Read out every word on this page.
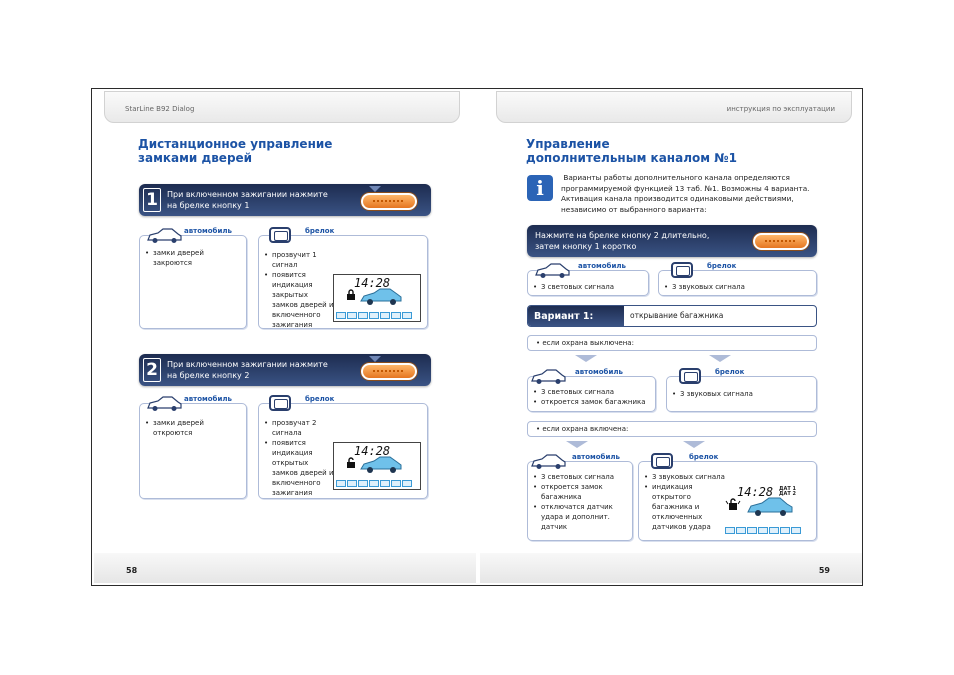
StarLine B92 Dialog
Дистанционное управление
замками дверей
1	При включенном зажигании нажмите
на брелке кнопку 1
автомобиль
• замки дверей закроются
брелок
• прозвучит 1 сигнал
• появится индикация закрытых замков дверей и включенного зажигания
14:28
2	При включенном зажигании нажмите
на брелке кнопку 2
автомобиль
• замки дверей откроются
брелок
• прозвучат 2 сигнала
• появится индикация открытых замков дверей и включенного зажигания
14:28
58
инструкция по эксплуатации
Управление
дополнительным каналом №1
i	Варианты работы дополнительного канала определяются
программируемой функцией 13 таб. №1. Возможны 4 варианта.
Активация канала производится одинаковыми действиями,
независимо от выбранного варианта:
Нажмите на брелке кнопку 2 длительно,
затем кнопку 1 коротко
автомобиль
• 3 световых сигнала
брелок
• 3 звуковых сигнала
Вариант 1:	открывание багажника
• если охрана выключена:
автомобиль
• 3 световых сигнала
• откроется замок багажника
брелок
• 3 звуковых сигнала
• если охрана включена:
автомобиль
• 3 световых сигнала
• откроется замок багажника
• отключатся датчик удара и дополнит. датчик
брелок
• 3 звуковых сигнала
• индикация открытого багажника и отключенных датчиков удара
14:28 ДАТ 1
ДАТ 2
59
